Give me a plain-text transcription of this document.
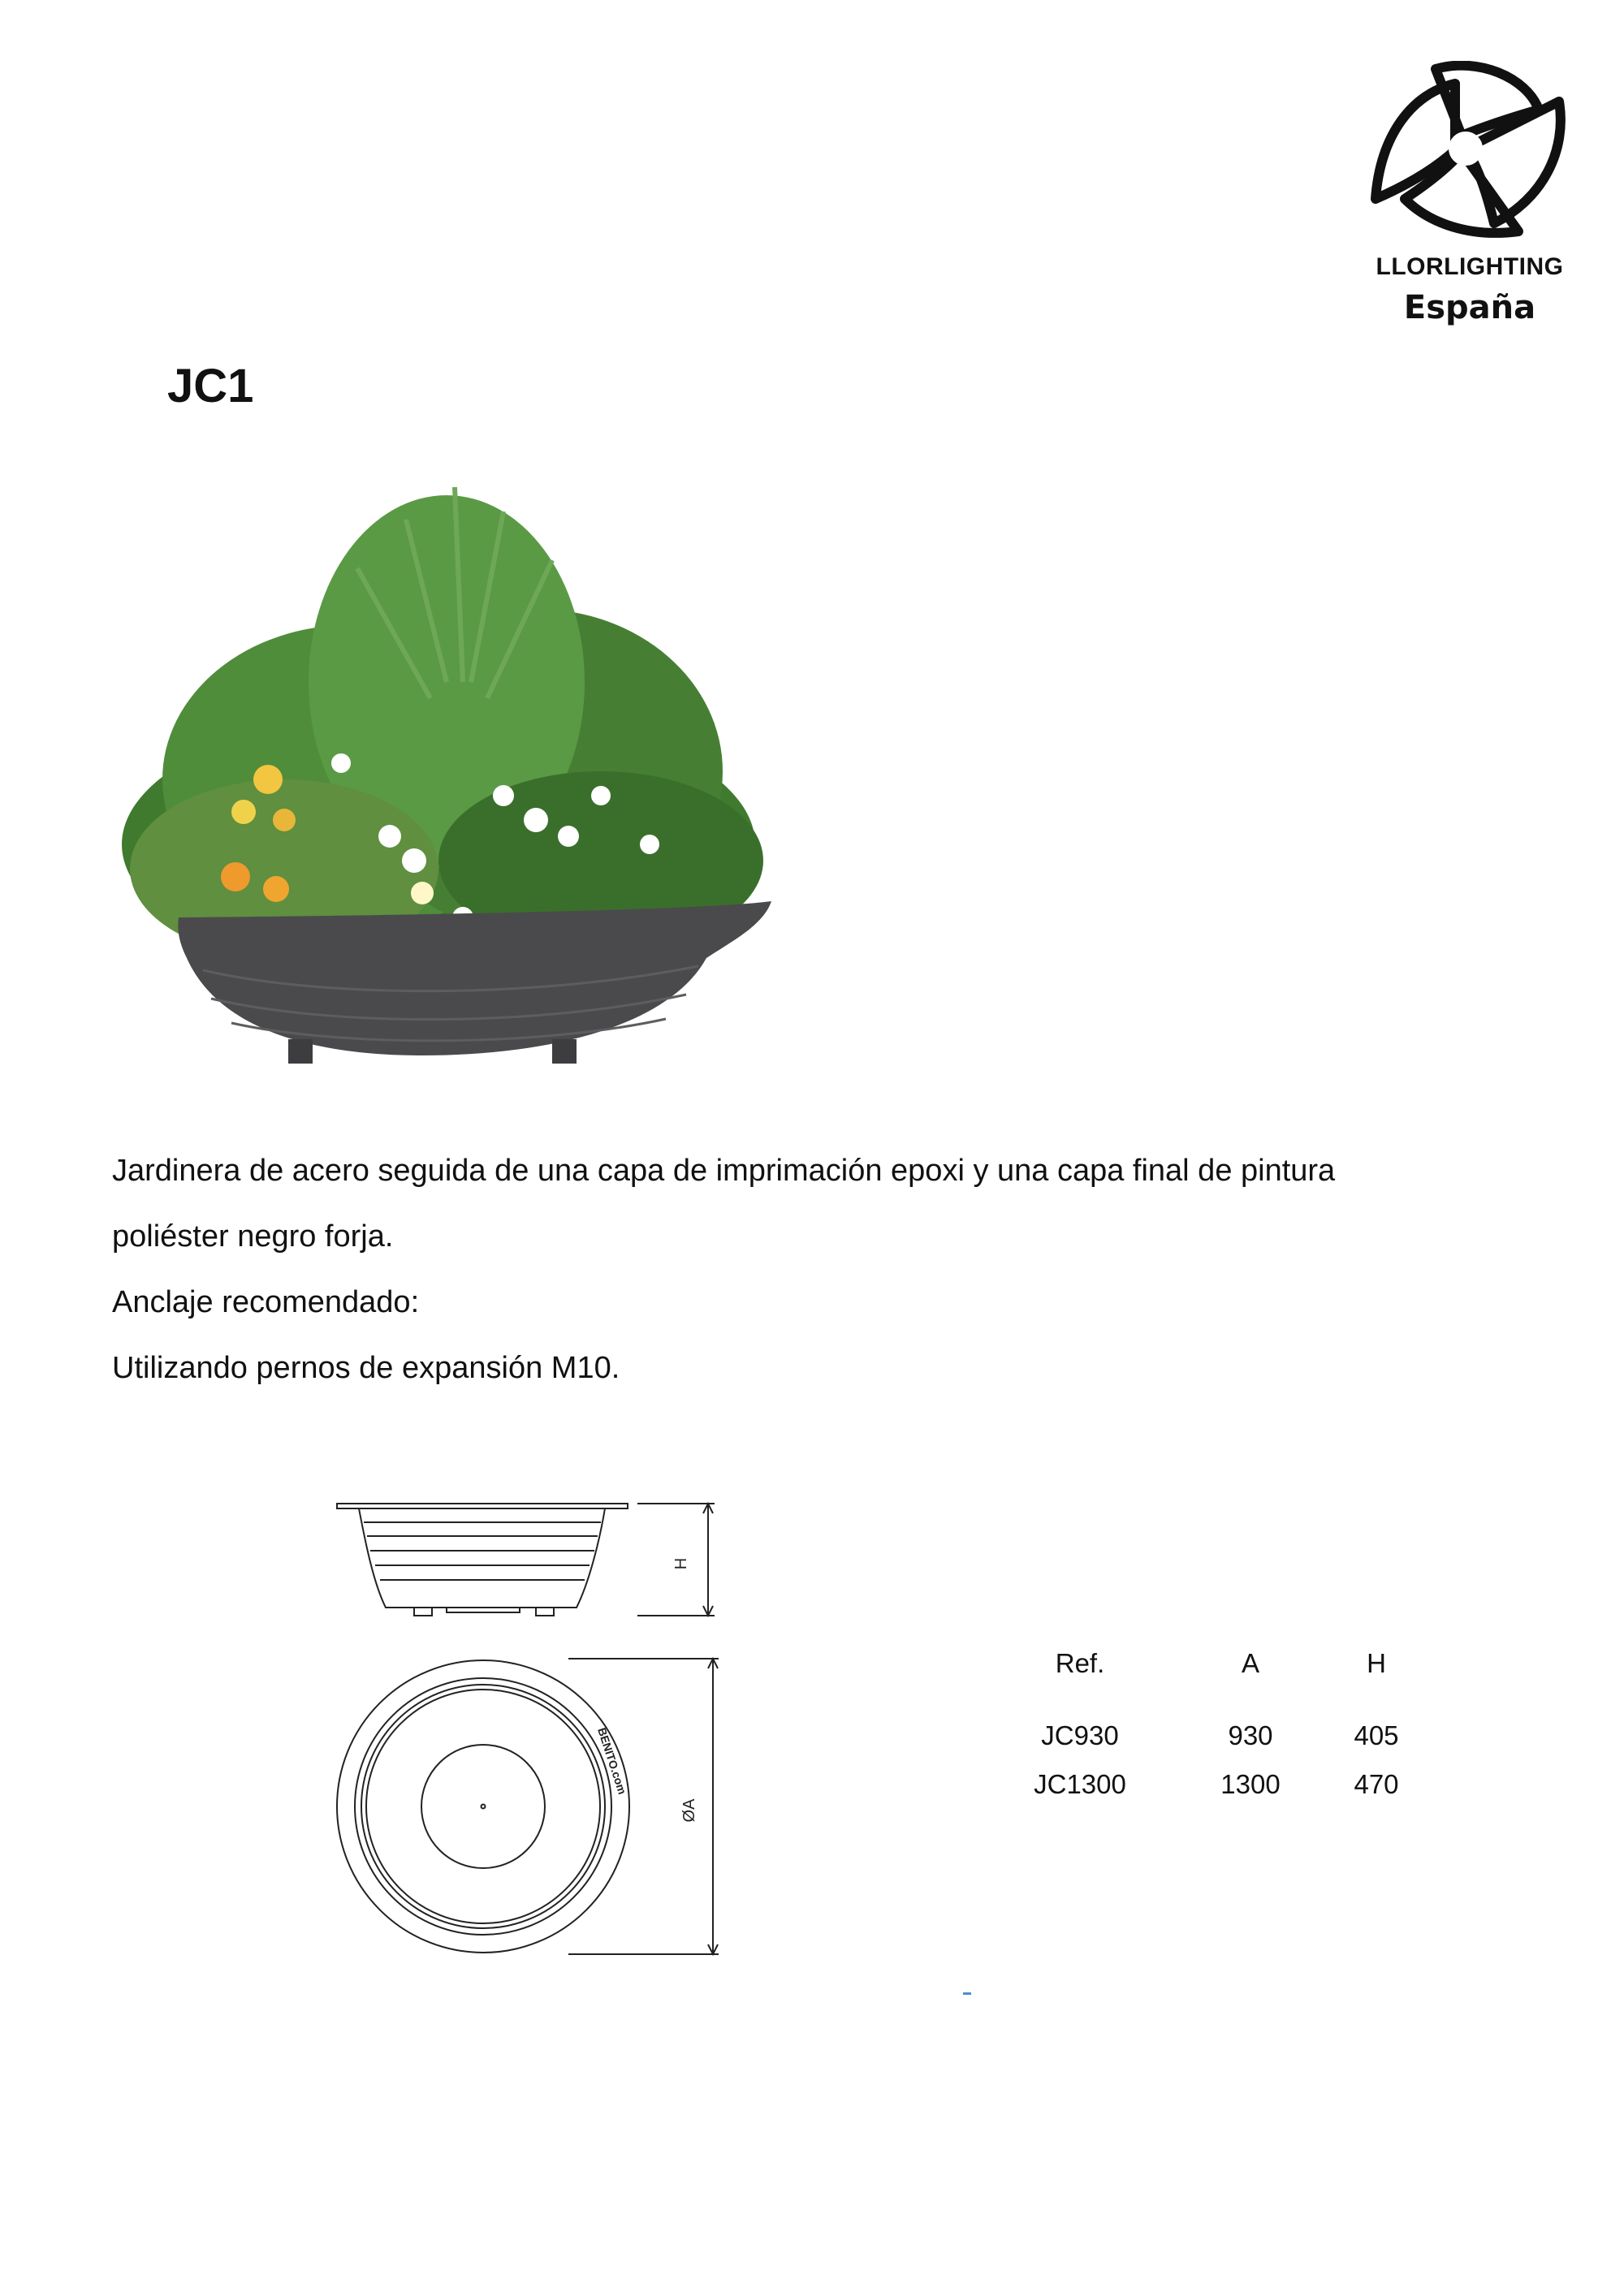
LLORLIGHTING
España
JC1

Jardinera de acero seguida de una capa de imprimación epoxi y una capa final de pintura

poliéster negro forja.

Anclaje recomendado:

Utilizando pernos de expansión M10.

H
ØA
BENITO.com
Ref.	A	H
JC930	930	405
JC1300	1300	470
